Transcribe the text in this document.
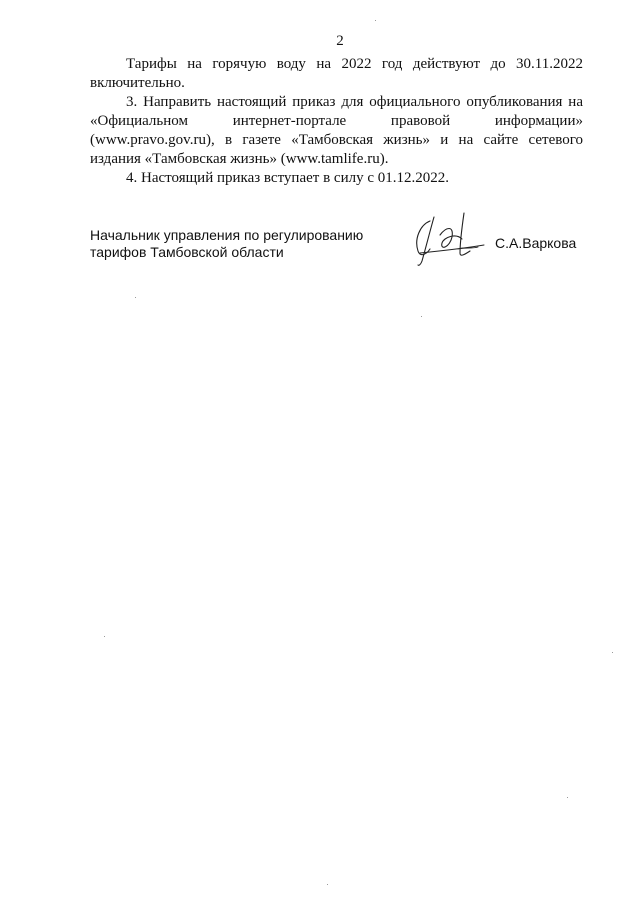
2

Тарифы на горячую воду на 2022 год действуют до 30.11.2022 включительно.

3. Направить настоящий приказ для официального опубликования на «Официальном интернет-портале правовой информации» (www.pravo.gov.ru), в газете «Тамбовская жизнь» и на сайте сетевого издания «Тамбовская жизнь» (www.tamlife.ru).

4. Настоящий приказ вступает в силу с 01.12.2022.

Начальник управления по регулированию
тарифов Тамбовской области
С.А.Варкова
